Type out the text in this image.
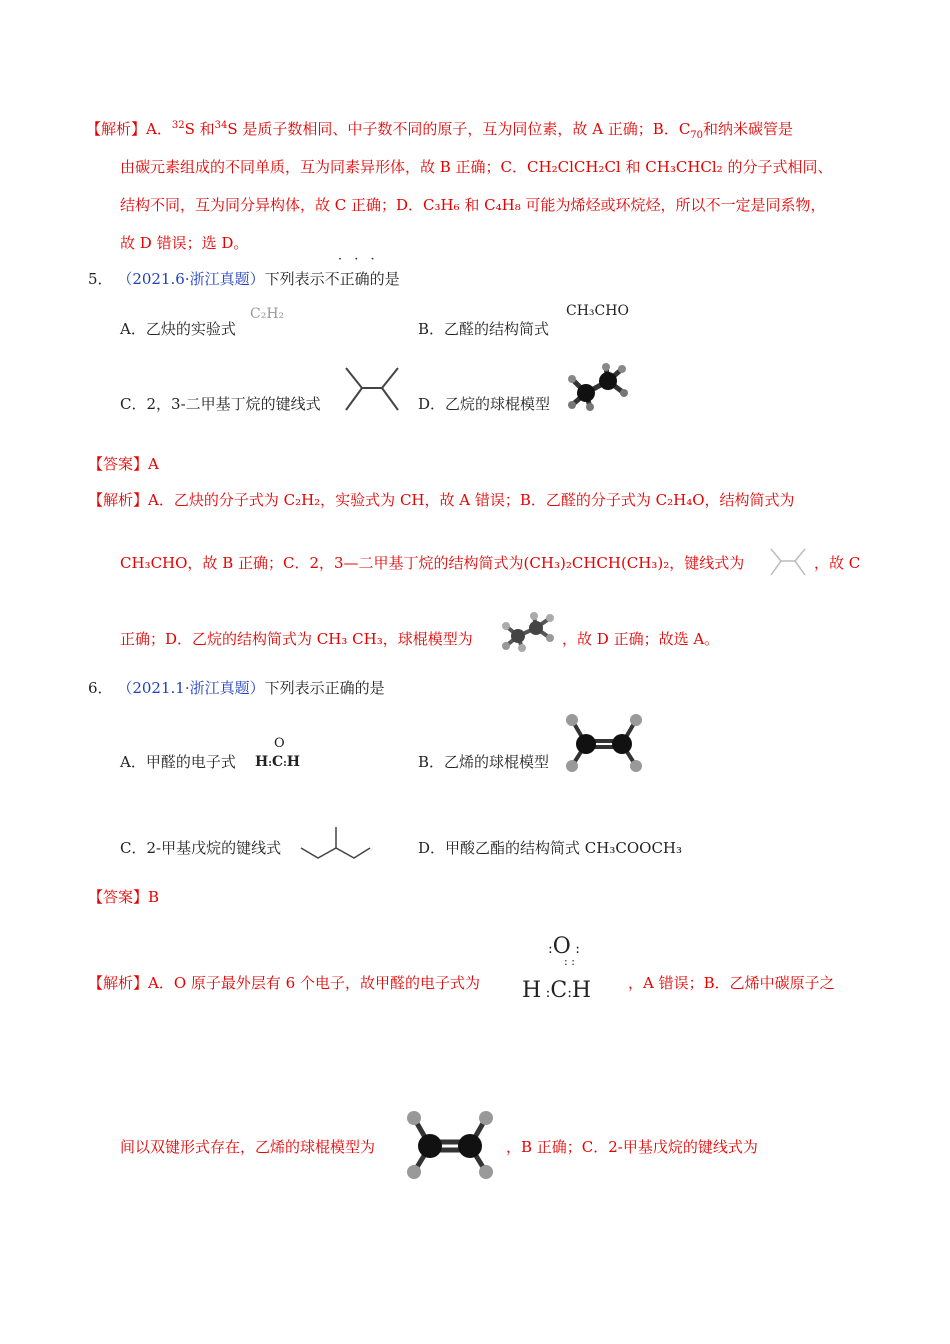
【解析】A．$^{32}$S 和$^{34}$S 是质子数相同、中子数不同的原子，互为同位素，故 A 正确；B．$C_{70}$和纳米碳管是
由碳元素组成的不同单质，互为同素异形体，故 B 正确；C．CH₂ClCH₂Cl 和 CH₃CHCl₂ 的分子式相同、
结构不同，互为同分异构体，故 C 正确；D．C₃H₆ 和 C₄H₈ 可能为烯烃或环烷烃，所以不一定是同系物，
故 D 错误；选 D。
5． （2021.6·浙江真题）下列表示不正确的是
· · ·
A．乙炔的实验式
C₂H₂
B．乙醛的结构简式
CH₃CHO
C．2，3-二甲基丁烷的键线式	D．乙烷的球棍模型
【答案】A
【解析】A．乙炔的分子式为 C₂H₂，实验式为 CH，故 A 错误；B．乙醛的分子式为 C₂H₄O，结构简式为
CH₃CHO，故 B 正确；C．2，3—二甲基丁烷的结构简式为(CH₃)₂CHCH(CH₃)₂，键线式为	，故 C
正确；D．乙烷的结构简式为 CH₃ CH₃，球棍模型为	，故 D 正确；故选 A。
6． （2021.1·浙江真题）下列表示正确的是
A．甲醛的电子式
O
H:C:H	B．乙烯的球棍模型
C．2-甲基戊烷的键线式	D．甲酸乙酯的结构简式 CH₃COOCH₃
【答案】B
【解析】A．O 原子最外层有 6 个电子，故甲醛的电子式为
:O :
: :
H :C:H ，A 错误；B．乙烯中碳原子之
间以双键形式存在，乙烯的球棍模型为	，B 正确；C．2-甲基戊烷的键线式为
